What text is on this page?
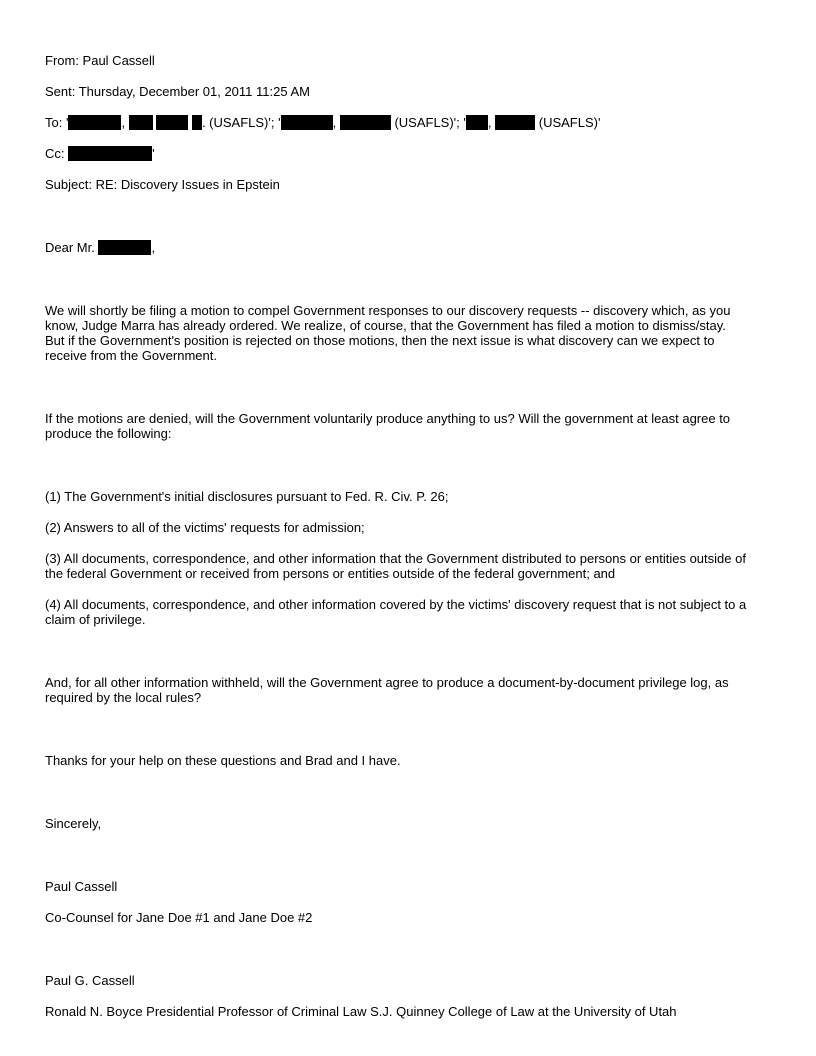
From: Paul Cassell
Sent: Thursday, December 01, 2011 11:25 AM
To: '	,	. (USAFLS)'; '	,	(USAFLS)'; ' ,	(USAFLS)'
Cc:	'
Subject: RE: Discovery Issues in Epstein
Dear Mr.	,
We will shortly be filing a motion to compel Government responses to our discovery requests -- discovery which, as you
know, Judge Marra has already ordered. We realize, of course, that the Government has filed a motion to dismiss/stay.
But if the Government's position is rejected on those motions, then the next issue is what discovery can we expect to
receive from the Government.
If the motions are denied, will the Government voluntarily produce anything to us? Will the government at least agree to
produce the following:
(1) The Government's initial disclosures pursuant to Fed. R. Civ. P. 26;
(2) Answers to all of the victims' requests for admission;
(3) All documents, correspondence, and other information that the Government distributed to persons or entities outside of
the federal Government or received from persons or entities outside of the federal government; and
(4) All documents, correspondence, and other information covered by the victims' discovery request that is not subject to a
claim of privilege.
And, for all other information withheld, will the Government agree to produce a document-by-document privilege log, as
required by the local rules?
Thanks for your help on these questions and Brad and I have.
Sincerely,
Paul Cassell
Co-Counsel for Jane Doe #1 and Jane Doe #2
Paul G. Cassell
Ronald N. Boyce Presidential Professor of Criminal Law S.J. Quinney College of Law at the University of Utah
